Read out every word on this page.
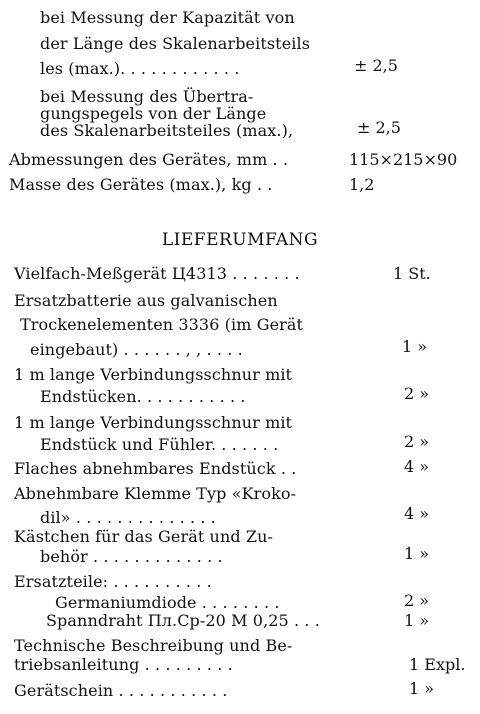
bei Messung der Kapazität von
der Länge des Skalenarbeitsteils
les (max.). . . . . . . . . . . .	± 2,5
bei Messung des Übertra-
gungspegels von der Länge
des Skalenarbeitsteiles (max.),	± 2,5
Abmessungen des Gerätes, mm . .	115×215×90
Masse des Gerätes (max.), kg . .	1,2
LIEFERUMFANG
Vielfach-Meßgerät Ц4313 . . . . . . .	1 St.
Ersatzbatterie aus galvanischen
Trockenelementen 3336 (im Gerät
eingebaut) . . . . . . , , . . . .	1 »
1 m lange Verbindungsschnur mit
Endstücken. . . . . . . . . . .	2 »
1 m lange Verbindungsschnur mit
Endstück und Fühler. . . . . . .	2 »
Flaches abnehmbares Endstück . .	4 »
Abnehmbare Klemme Typ «Kroko-
dil» . . . . . . . . . . . . . .	4 »
Kästchen für das Gerät und Zu-
behör . . . . . . . . . . . . .	1 »
Ersatzteile: . . . . . . . . . .
Germaniumdiode . . . . . . . .	2 »
Spanndraht Пл.Ср-20 М 0,25 . . .	1 »
Technische Beschreibung und Be-
triebsanleitung . . . . . . . . .	1 Expl.
Gerätschein . . . . . . . . . . .	1 »
